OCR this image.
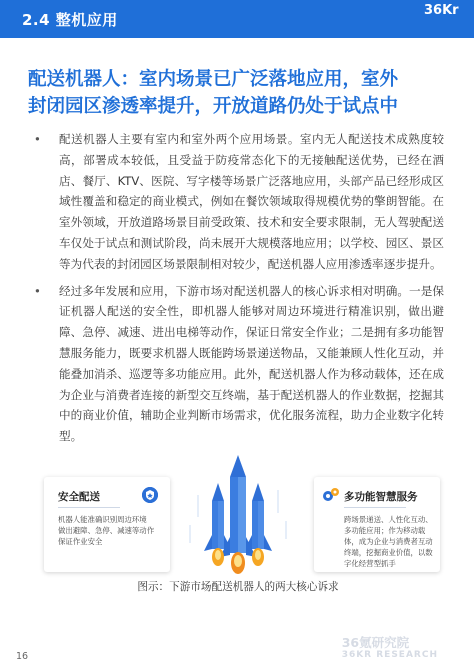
2.4 整机应用
36Kr
配送机器人：室内场景已广泛落地应用，室外
封闭园区渗透率提升，开放道路仍处于试点中
• 配送机器人主要有室内和室外两个应用场景。室内无人配送技术成熟度较高，部署成本较低，且受益于防疫常态化下的无接触配送优势，已经在酒店、餐厅、KTV、医院、写字楼等场景广泛落地应用，头部产品已经形成区域性覆盖和稳定的商业模式，例如在餐饮领域取得规模优势的擎朗智能。在室外领域，开放道路场景目前受政策、技术和安全要求限制，无人驾驶配送车仅处于试点和测试阶段，尚未展开大规模落地应用；以学校、园区、景区等为代表的封闭园区场景限制相对较少，配送机器人应用渗透率逐步提升。
• 经过多年发展和应用，下游市场对配送机器人的核心诉求相对明确。一是保证机器人配送的安全性，即机器人能够对周边环境进行精准识别，做出避障、急停、减速、进出电梯等动作，保证日常安全作业；二是拥有多功能智慧服务能力，既要求机器人既能跨场景递送物品，又能兼顾人性化互动，并能叠加消杀、巡逻等多功能应用。此外，配送机器人作为移动载体，还在成为企业与消费者连接的新型交互终端，基于配送机器人的作业数据，挖掘其中的商业价值，辅助企业判断市场需求，优化服务流程，助力企业数字化转型。
安全配送
机器人能准确识别周边环境
做出避障、急停、减速等动作
保证作业安全
多功能智慧服务
跨场景递送、人性化互动、多功能应用；作为移动载体，成为企业与消费者互动终端，挖掘商业价值，以数字化经营型抓手
图示：下游市场配送机器人的两大核心诉求
16
36氪研究院
36KR RESEARCH
